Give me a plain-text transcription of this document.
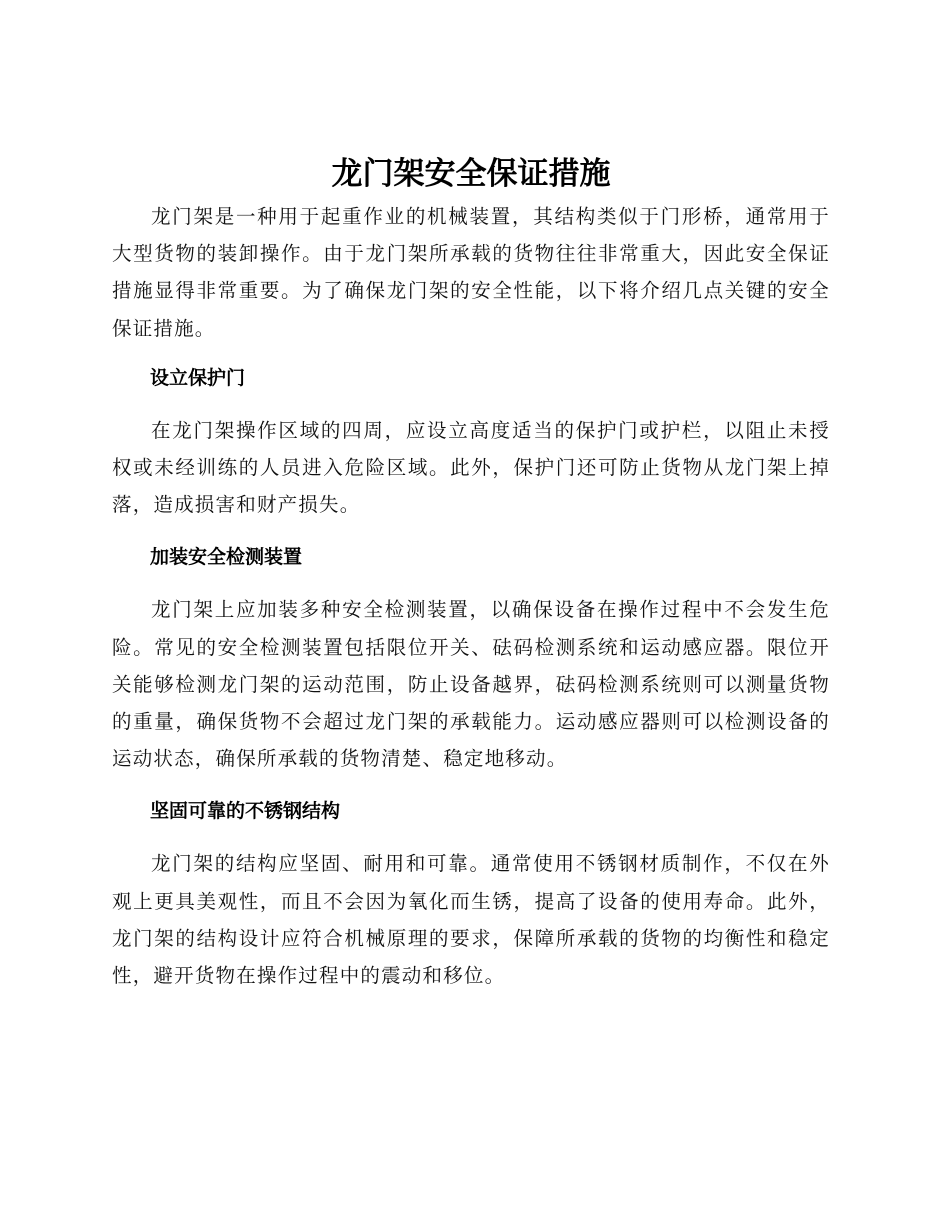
龙门架安全保证措施

龙门架是一种用于起重作业的机械装置，其结构类似于门形桥，通常用于大型货物的装卸操作。由于龙门架所承载的货物往往非常重大，因此安全保证措施显得非常重要。为了确保龙门架的安全性能，以下将介绍几点关键的安全保证措施。

设立保护门

在龙门架操作区域的四周，应设立高度适当的保护门或护栏，以阻止未授权或未经训练的人员进入危险区域。此外，保护门还可防止货物从龙门架上掉落，造成损害和财产损失。

加装安全检测装置

龙门架上应加装多种安全检测装置，以确保设备在操作过程中不会发生危险。常见的安全检测装置包括限位开关、砝码检测系统和运动感应器。限位开关能够检测龙门架的运动范围，防止设备越界，砝码检测系统则可以测量货物的重量，确保货物不会超过龙门架的承载能力。运动感应器则可以检测设备的运动状态，确保所承载的货物清楚、稳定地移动。

坚固可靠的不锈钢结构

龙门架的结构应坚固、耐用和可靠。通常使用不锈钢材质制作，不仅在外观上更具美观性，而且不会因为氧化而生锈，提高了设备的使用寿命。此外，龙门架的结构设计应符合机械原理的要求，保障所承载的货物的均衡性和稳定性，避开货物在操作过程中的震动和移位。
